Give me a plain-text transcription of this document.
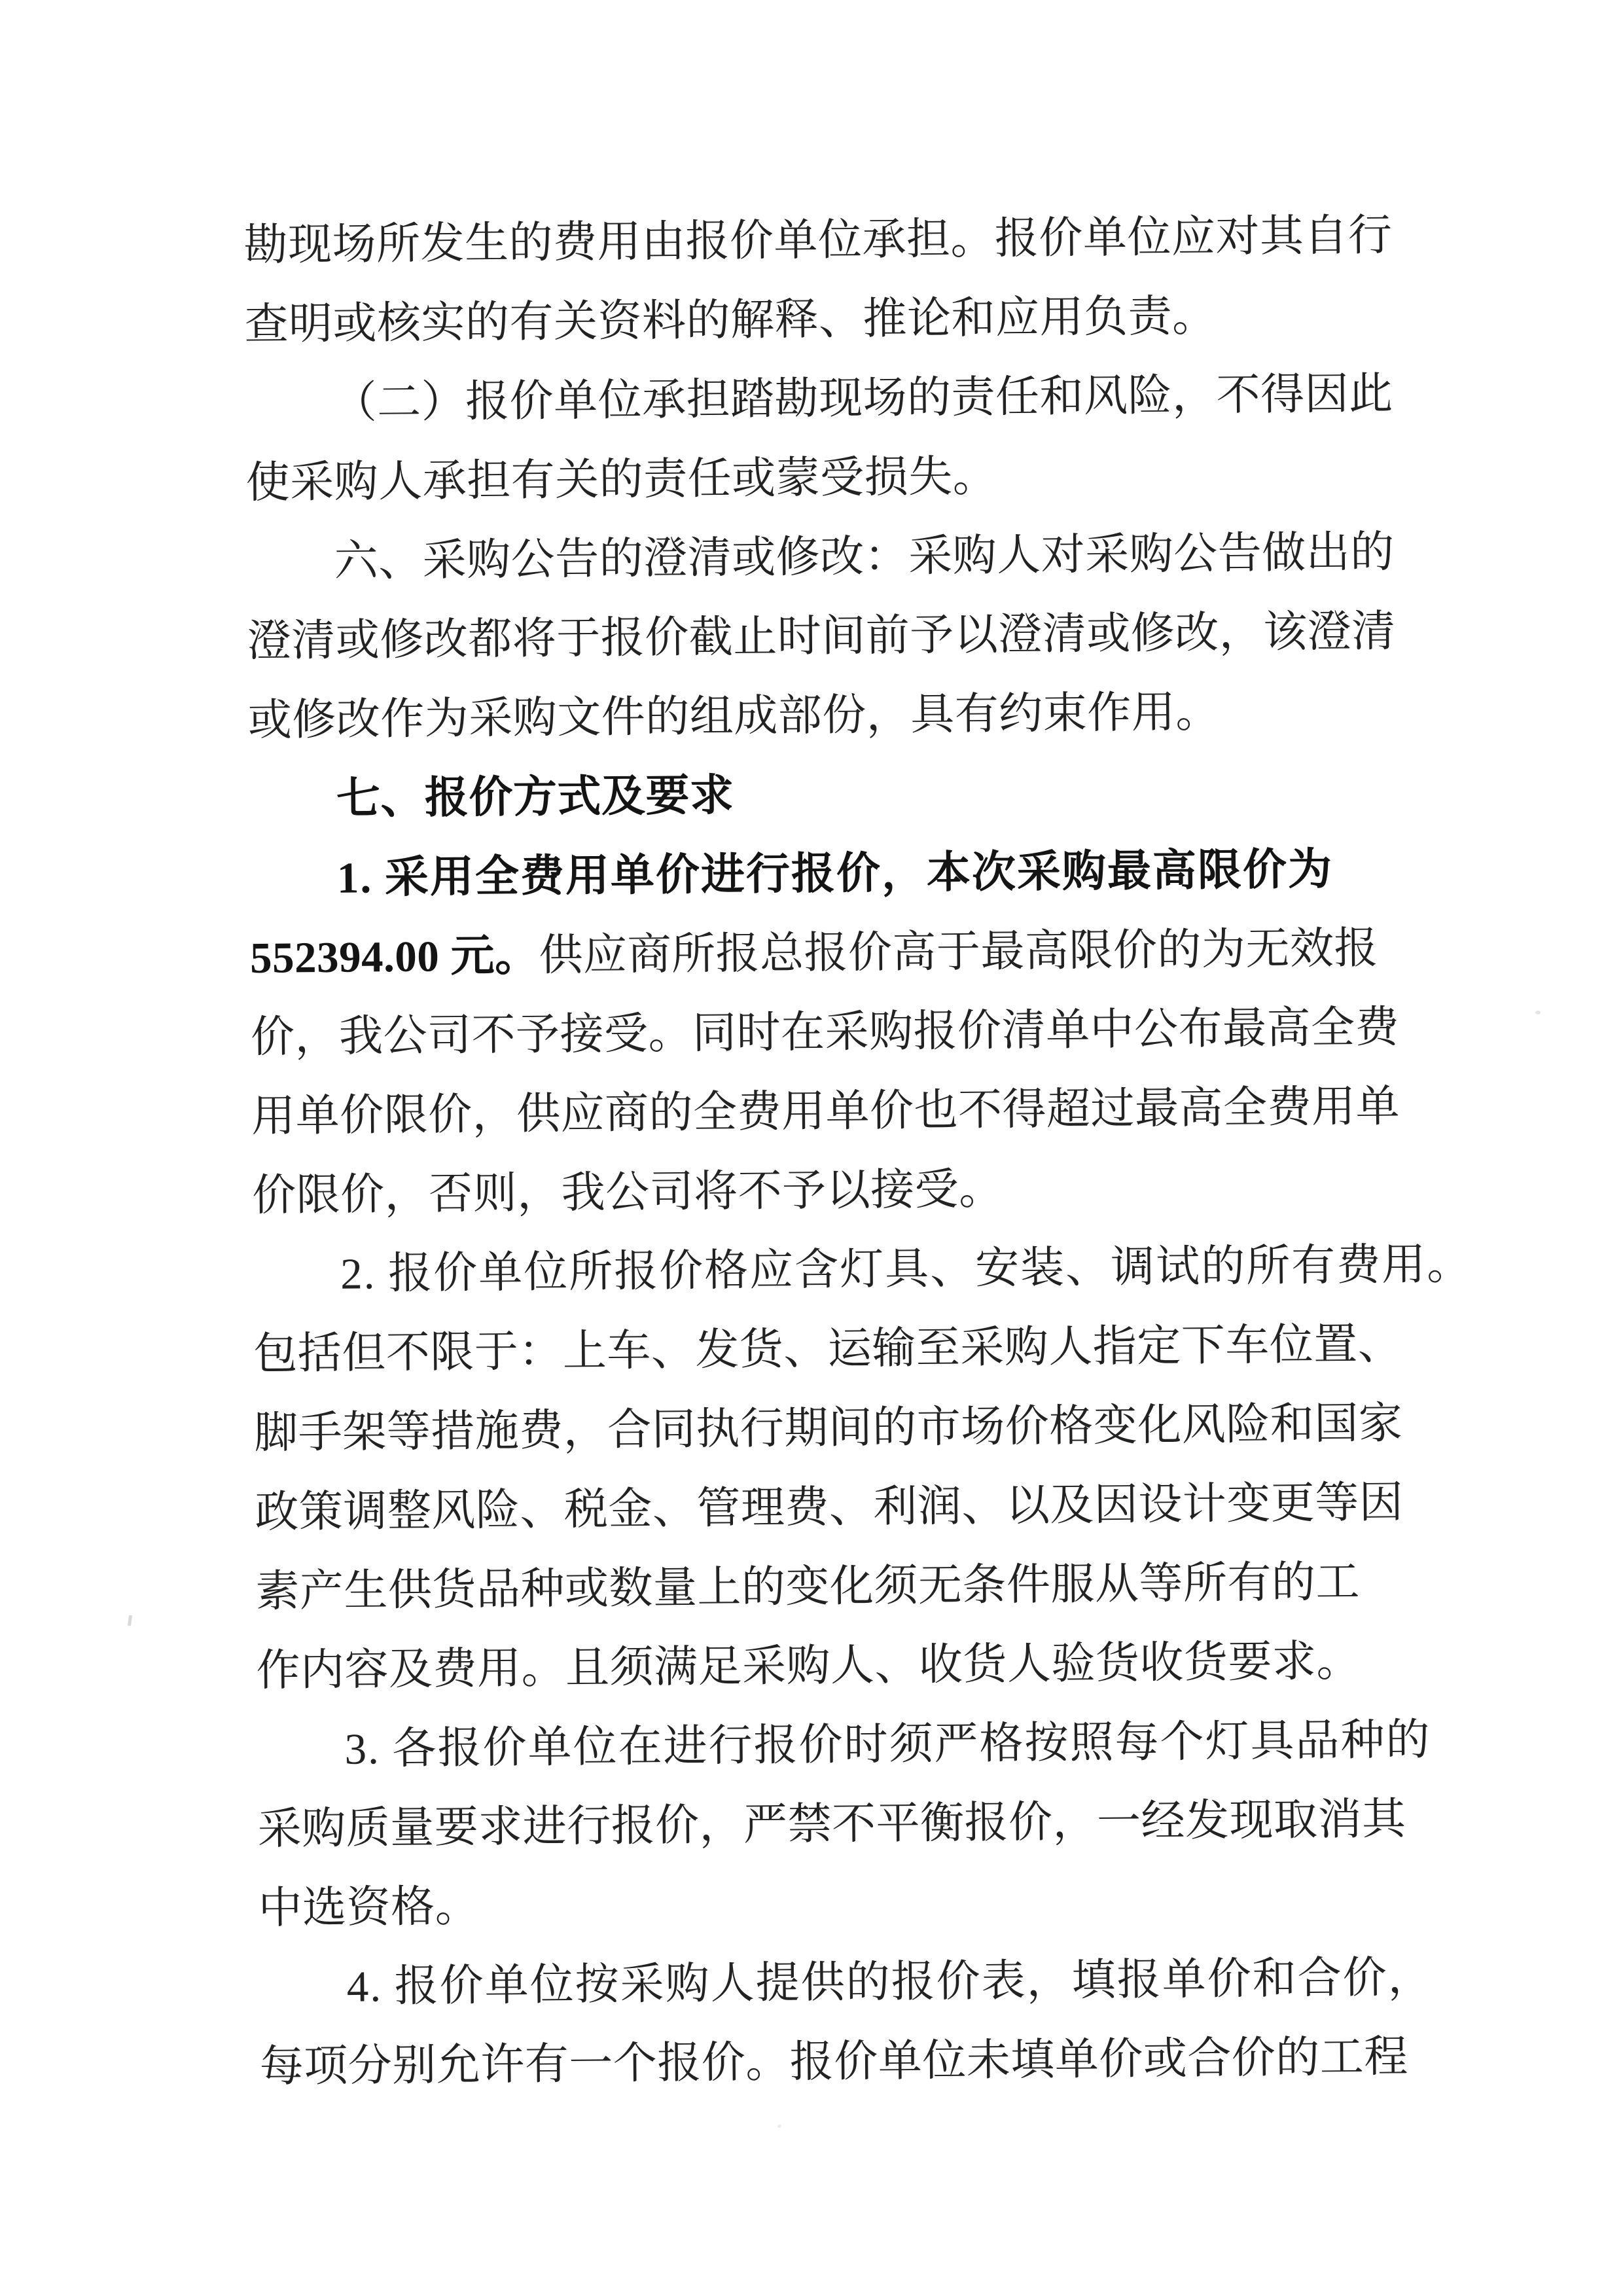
勘现场所发生的费用由报价单位承担。报价单位应对其自行
查明或核实的有关资料的解释、推论和应用负责。
（二）报价单位承担踏勘现场的责任和风险，不得因此
使采购人承担有关的责任或蒙受损失。
六、采购公告的澄清或修改：采购人对采购公告做出的
澄清或修改都将于报价截止时间前予以澄清或修改，该澄清
或修改作为采购文件的组成部份，具有约束作用。
七、报价方式及要求
1. 采用全费用单价进行报价，本次采购最高限价为
552394.00 元。供应商所报总报价高于最高限价的为无效报
价，我公司不予接受。同时在采购报价清单中公布最高全费
用单价限价，供应商的全费用单价也不得超过最高全费用单
价限价，否则，我公司将不予以接受。
2. 报价单位所报价格应含灯具、安装、调试的所有费用。
包括但不限于：上车、发货、运输至采购人指定下车位置、
脚手架等措施费，合同执行期间的市场价格变化风险和国家
政策调整风险、税金、管理费、利润、以及因设计变更等因
素产生供货品种或数量上的变化须无条件服从等所有的工
作内容及费用。且须满足采购人、收货人验货收货要求。
3. 各报价单位在进行报价时须严格按照每个灯具品种的
采购质量要求进行报价，严禁不平衡报价，一经发现取消其
中选资格。
4. 报价单位按采购人提供的报价表，填报单价和合价，
每项分别允许有一个报价。报价单位未填单价或合价的工程
